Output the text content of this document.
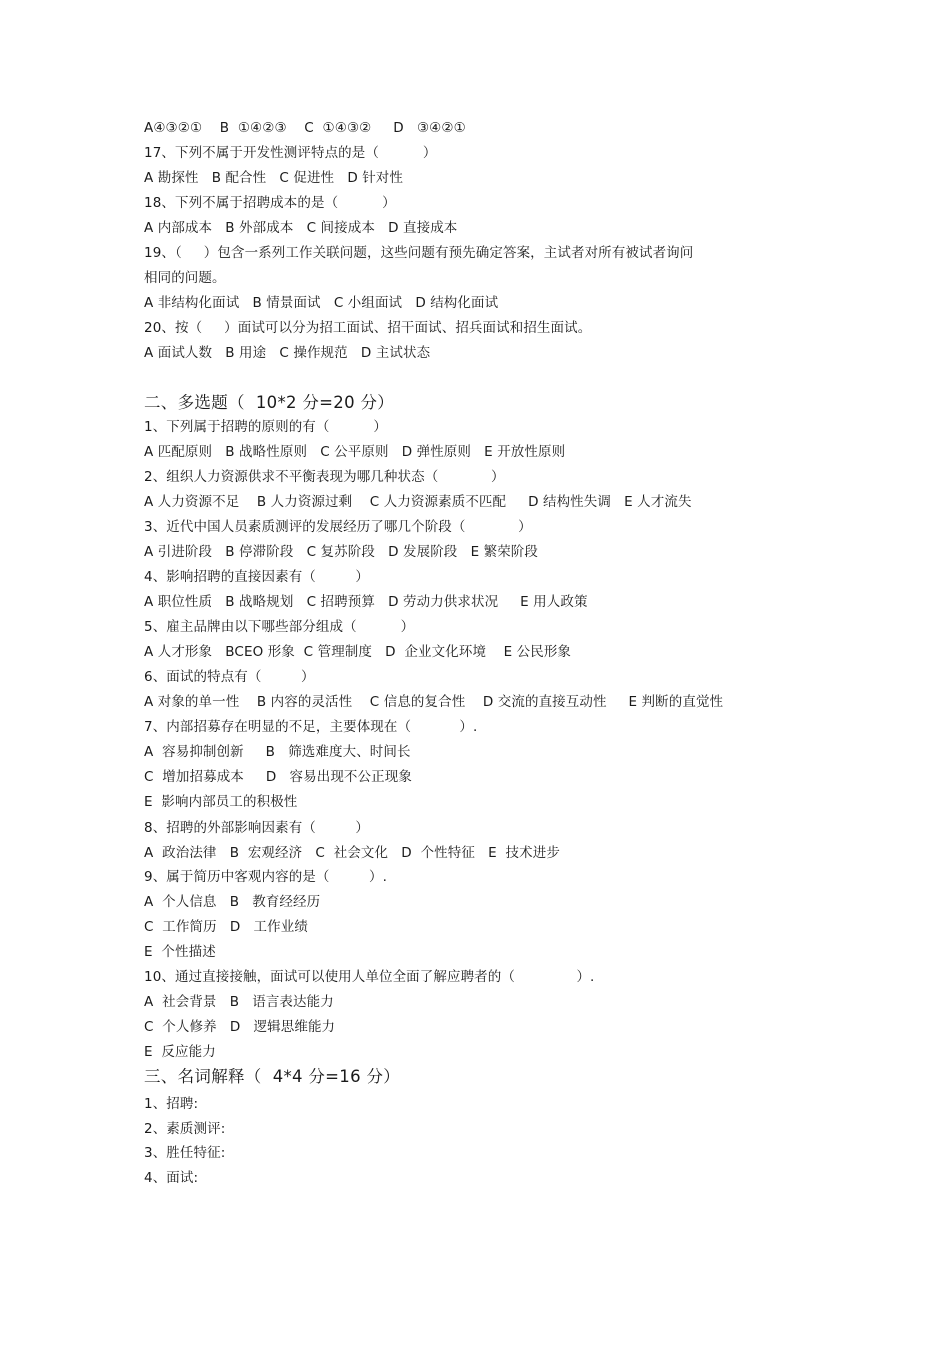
A④③②①    B  ①④②③    C  ①④③②     D   ③④②①

17、下列不属于开发性测评特点的是（          ）

A 勘探性   B 配合性   C 促进性   D 针对性

18、下列不属于招聘成本的是（          ）

A 内部成本   B 外部成本   C 间接成本   D 直接成本

19、（     ）包含一系列工作关联问题，这些问题有预先确定答案，主试者对所有被试者询问

相同的问题。

A 非结构化面试   B 情景面试   C 小组面试   D 结构化面试

20、按（     ）面试可以分为招工面试、招干面试、招兵面试和招生面试。

A 面试人数   B 用途   C 操作规范   D 主试状态

二、多选题（  10*2 分=20 分）

1、下列属于招聘的原则的有（          ）

A 匹配原则   B 战略性原则   C 公平原则   D 弹性原则   E 开放性原则

2、组织人力资源供求不平衡表现为哪几种状态（            ）

A 人力资源不足    B 人力资源过剩    C 人力资源素质不匹配     D 结构性失调   E 人才流失

3、近代中国人员素质测评的发展经历了哪几个阶段（            ）

A 引进阶段   B 停滞阶段   C 复苏阶段   D 发展阶段   E 繁荣阶段

4、影响招聘的直接因素有（         ）

A 职位性质   B 战略规划   C 招聘预算   D 劳动力供求状况     E 用人政策

5、雇主品牌由以下哪些部分组成（          ）

A 人才形象   BCEO 形象  C 管理制度   D  企业文化环境    E 公民形象

6、面试的特点有（         ）

A 对象的单一性    B 内容的灵活性    C 信息的复合性    D 交流的直接互动性     E 判断的直觉性

7、内部招募存在明显的不足，主要体现在（           ）.

A  容易抑制创新     B   筛选难度大、时间长

C  增加招募成本     D   容易出现不公正现象

E  影响内部员工的积极性

8、招聘的外部影响因素有（         ）

A  政治法律   B  宏观经济   C  社会文化   D  个性特征   E  技术进步

9、属于简历中客观内容的是（         ）.

A  个人信息   B   教育经经历

C  工作简历   D   工作业绩

E  个性描述

10、通过直接接触，面试可以使用人单位全面了解应聘者的（              ）.

A  社会背景   B   语言表达能力

C  个人修养   D   逻辑思维能力

E  反应能力

三、名词解释（  4*4 分=16 分）

1、招聘:

2、素质测评:

3、胜任特征:

4、面试:
